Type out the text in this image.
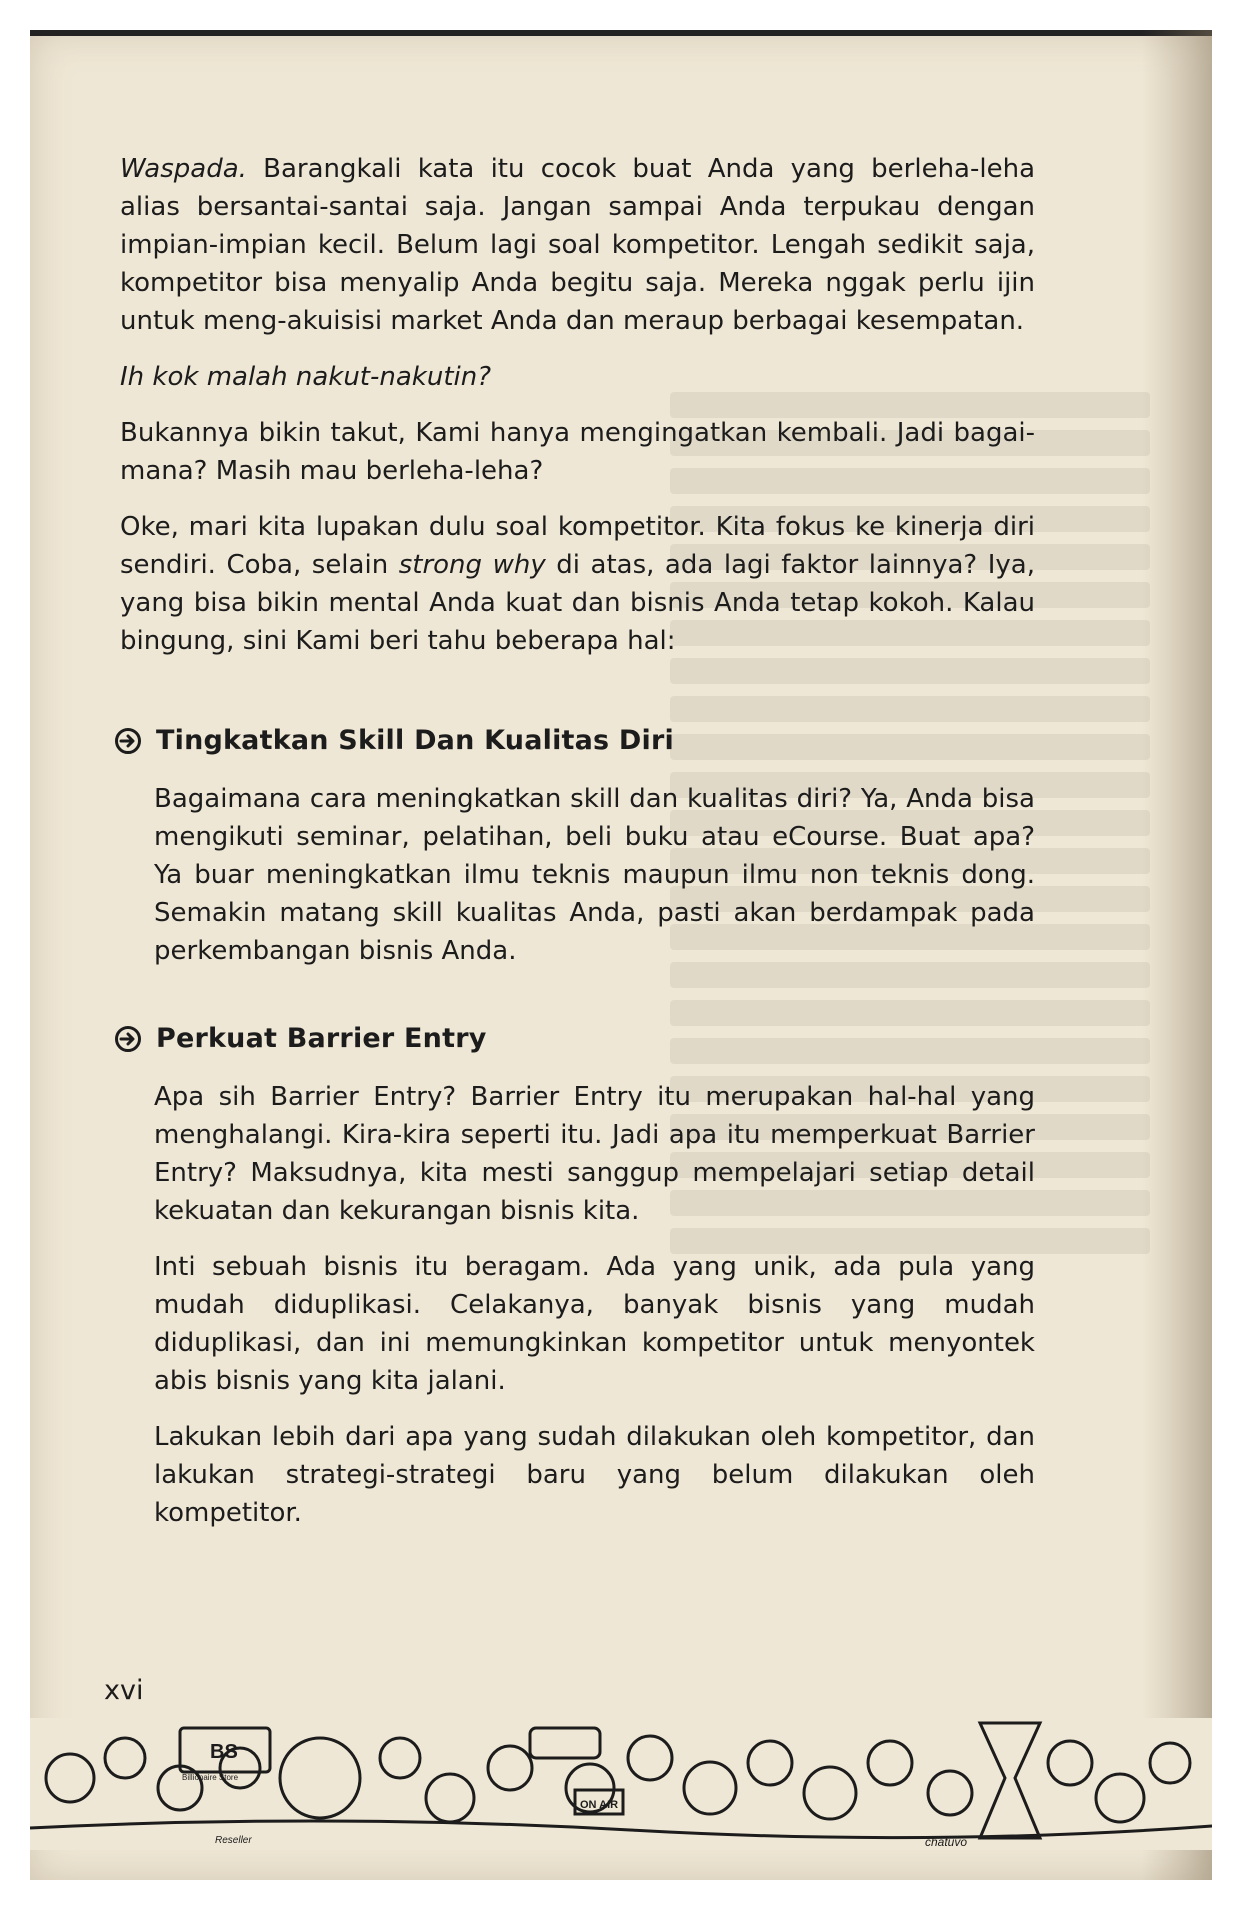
Waspada. Barangkali kata itu cocok buat Anda yang berleha-leha alias bersantai-santai saja. Jangan sampai Anda terpukau dengan impian-impian kecil. Belum lagi soal kompetitor. Lengah sedikit saja, kompetitor bisa menyalip Anda begitu saja. Mereka nggak perlu ijin untuk meng-akuisisi market Anda dan meraup berbagai kesempatan.

Ih kok malah nakut-nakutin?

Bukannya bikin takut, Kami hanya mengingatkan kembali. Jadi bagai-mana? Masih mau berleha-leha?

Oke, mari kita lupakan dulu soal kompetitor. Kita fokus ke kinerja diri sendiri. Coba, selain strong why di atas, ada lagi faktor lainnya? Iya, yang bisa bikin mental Anda kuat dan bisnis Anda tetap kokoh. Kalau bingung, sini Kami beri tahu beberapa hal:

Tingkatkan Skill Dan Kualitas Diri

Bagaimana cara meningkatkan skill dan kualitas diri? Ya, Anda bisa mengikuti seminar, pelatihan, beli buku atau eCourse. Buat apa? Ya buar meningkatkan ilmu teknis maupun ilmu non teknis dong. Semakin matang skill kualitas Anda, pasti akan berdampak pada perkembangan bisnis Anda.

Perkuat Barrier Entry

Apa sih Barrier Entry? Barrier Entry itu merupakan hal-hal yang menghalangi. Kira-kira seperti itu. Jadi apa itu memperkuat Barrier Entry? Maksudnya, kita mesti sanggup mempelajari setiap detail kekuatan dan kekurangan bisnis kita.

Inti sebuah bisnis itu beragam. Ada yang unik, ada pula yang mudah diduplikasi. Celakanya, banyak bisnis yang mudah diduplikasi, dan ini memungkinkan kompetitor untuk menyontek abis bisnis yang kita jalani.

Lakukan lebih dari apa yang sudah dilakukan oleh kompetitor, dan lakukan strategi-strategi baru yang belum dilakukan oleh kompetitor.

xvi
BS
Billionaire Store
ON AIR
chatuvo
Reseller
